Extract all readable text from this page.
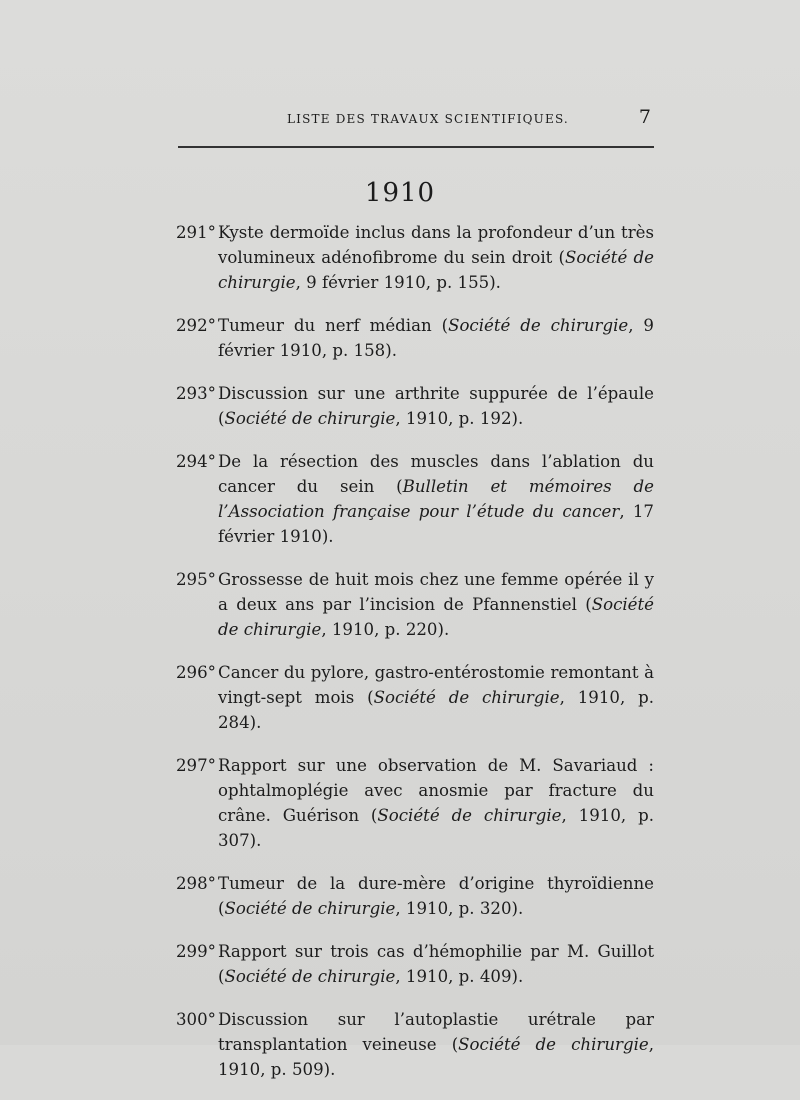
LISTE DES TRAVAUX SCIENTIFIQUES.	7
1910
291° Kyste dermoïde inclus dans la profondeur d’un très volumineux adénofibrome du sein droit (Société de chirurgie, 9 février 1910, p. 155).
292° Tumeur du nerf médian (Société de chirurgie, 9 février 1910, p. 158).
293° Discussion sur une arthrite suppurée de l’épaule (Société de chirurgie, 1910, p. 192).
294° De la résection des muscles dans l’ablation du cancer du sein (Bulletin et mémoires de l’Association française pour l’étude du cancer, 17 février 1910).
295° Grossesse de huit mois chez une femme opérée il y a deux ans par l’incision de Pfannenstiel (Société de chirurgie, 1910, p. 220).
296° Cancer du pylore, gastro-entérostomie remontant à vingt-sept mois (Société de chirurgie, 1910, p. 284).
297° Rapport sur une observation de M. Savariaud : ophtalmoplégie avec anosmie par fracture du crâne. Guérison (Société de chirurgie, 1910, p. 307).
298° Tumeur de la dure-mère d’origine thyroïdienne (Société de chirurgie, 1910, p. 320).
299° Rapport sur trois cas d’hémophilie par M. Guillot (Société de chirurgie, 1910, p. 409).
300° Discussion sur l’autoplastie urétrale par transplantation veineuse (Société de chirurgie, 1910, p. 509).
